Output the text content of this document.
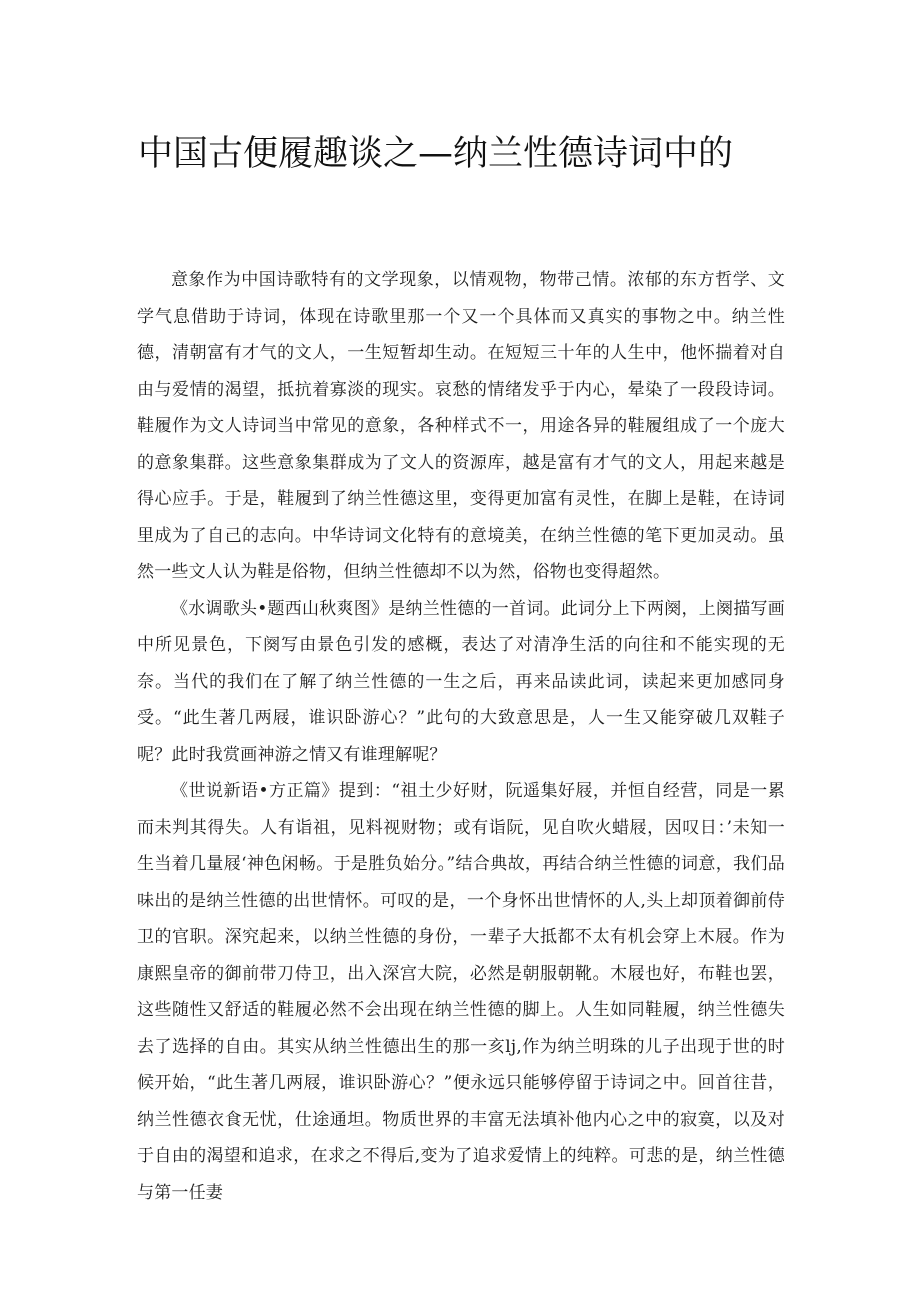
中国古便履趣谈之—纳兰性德诗词中的

意象作为中国诗歌特有的文学现象，以情观物，物带己情。浓郁的东方哲学、文学气息借助于诗词，体现在诗歌里那一个又一个具体而又真实的事物之中。纳兰性德，清朝富有才气的文人，一生短暂却生动。在短短三十年的人生中，他怀揣着对自由与爱情的渴望，抵抗着寡淡的现实。哀愁的情绪发乎于内心，晕染了一段段诗词。鞋履作为文人诗词当中常见的意象，各种样式不一，用途各异的鞋履组成了一个庞大的意象集群。这些意象集群成为了文人的资源库，越是富有才气的文人，用起来越是得心应手。于是，鞋履到了纳兰性德这里，变得更加富有灵性，在脚上是鞋，在诗词里成为了自己的志向。中华诗词文化特有的意境美，在纳兰性德的笔下更加灵动。虽然一些文人认为鞋是俗物，但纳兰性德却不以为然，俗物也变得超然。

《水调歌头•题西山秋爽图》是纳兰性德的一首词。此词分上下两阕，上阕描写画中所见景色，下阕写由景色引发的感概，表达了对清净生活的向往和不能实现的无奈。当代的我们在了解了纳兰性德的一生之后，再来品读此词，读起来更加感同身受。“此生著几两屐，谁识卧游心？”此句的大致意思是，人一生又能穿破几双鞋子呢？此时我赏画神游之情又有谁理解呢？

《世说新语•方正篇》提到：“祖土少好财，阮遥集好屐，并恒自经营，同是一累而未判其得失。人有诣祖，见料视财物；或有诣阮，见自吹火蜡屐，因叹日：’未知一生当着几量屐‘神色闲畅。于是胜负始分。”结合典故，再结合纳兰性德的词意，我们品味出的是纳兰性德的出世情怀。可叹的是，一个身怀出世情怀的人,头上却顶着御前侍卫的官职。深究起来，以纳兰性德的身份，一辈子大抵都不太有机会穿上木屐。作为康熙皇帝的御前带刀侍卫，出入深宫大院，必然是朝服朝靴。木屐也好，布鞋也罢，这些随性又舒适的鞋履必然不会出现在纳兰性德的脚上。人生如同鞋履，纳兰性德失去了选择的自由。其实从纳兰性德出生的那一亥lj,作为纳兰明珠的儿子出现于世的时候开始，“此生著几两屐，谁识卧游心？”便永远只能够停留于诗词之中。回首往昔，纳兰性德衣食无忧，仕途通坦。物质世界的丰富无法填补他内心之中的寂寞，以及对于自由的渴望和追求，在求之不得后,变为了追求爱情上的纯粹。可悲的是，纳兰性德与第一任妻
